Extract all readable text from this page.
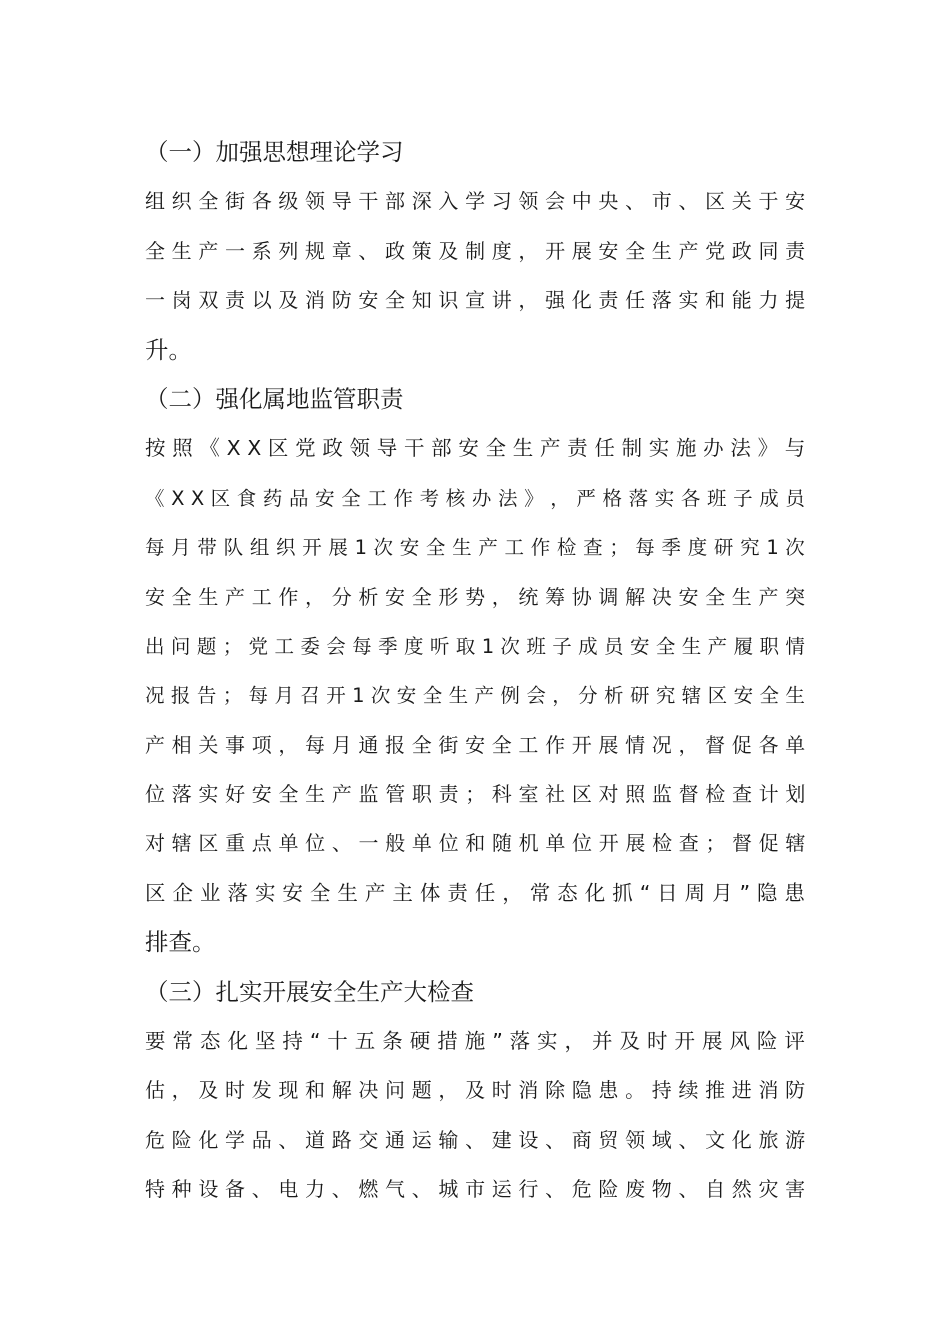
（一）加强思想理论学习
组​ 织​ 全​ 街​ 各​ 级​ 领​ 导​ 干​ 部​ 深​ 入​ 学​ 习​ 领​ 会​ 中​ 央​ 、​ 市​ 、​ 区​ 关​ 于​ 安
全​ 生​ 产​ 一​ 系​ 列​ 规​ 章​ 、​ 政​ 策​ 及​ 制​ 度​ ，​ 开​ 展​ 安​ 全​ 生​ 产​ 党​ 政​ 同​ 责
一​ 岗​ 双​ 责​ 以​ 及​ 消​ 防​ 安​ 全​ 知​ 识​ 宣​ 讲​ ，​ 强​ 化​ 责​ 任​ 落​ 实​ 和​ 能​ 力​ 提
升。
（二）强化属地监管职责
按​ 照​ 《​ X​ X​ 区​ 党​ 政​ 领​ 导​ 干​ 部​ 安​ 全​ 生​ 产​ 责​ 任​ 制​ 实​ 施​ 办​ 法​ 》​ 与
《​ X​ X​ 区​ 食​ 药​ 品​ 安​ 全​ 工​ 作​ 考​ 核​ 办​ 法​ 》​ ，​ 严​ 格​ 落​ 实​ 各​ 班​ 子​ 成​ 员
每​ 月​ 带​ 队​ 组​ 织​ 开​ 展​ 1​ 次​ 安​ 全​ 生​ 产​ 工​ 作​ 检​ 查​ ；​ 每​ 季​ 度​ 研​ 究​ 1​ 次
安​ 全​ 生​ 产​ 工​ 作​ ，​ 分​ 析​ 安​ 全​ 形​ 势​ ，​ 统​ 筹​ 协​ 调​ 解​ 决​ 安​ 全​ 生​ 产​ 突
出​ 问​ 题​ ；​ 党​ 工​ 委​ 会​ 每​ 季​ 度​ 听​ 取​ 1​ 次​ 班​ 子​ 成​ 员​ 安​ 全​ 生​ 产​ 履​ 职​ 情
况​ 报​ 告​ ；​ 每​ 月​ 召​ 开​ 1​ 次​ 安​ 全​ 生​ 产​ 例​ 会​ ，​ 分​ 析​ 研​ 究​ 辖​ 区​ 安​ 全​ 生
产​ 相​ 关​ 事​ 项​ ，​ 每​ 月​ 通​ 报​ 全​ 街​ 安​ 全​ 工​ 作​ 开​ 展​ 情​ 况​ ，​ 督​ 促​ 各​ 单
位​ 落​ 实​ 好​ 安​ 全​ 生​ 产​ 监​ 管​ 职​ 责​ ；​ 科​ 室​ 社​ 区​ 对​ 照​ 监​ 督​ 检​ 查​ 计​ 划
对​ 辖​ 区​ 重​ 点​ 单​ 位​ 、​ 一​ 般​ 单​ 位​ 和​ 随​ 机​ 单​ 位​ 开​ 展​ 检​ 查​ ；​ 督​ 促​ 辖
区​ 企​ 业​ 落​ 实​ 安​ 全​ 生​ 产​ 主​ 体​ 责​ 任​ ，​ 常​ 态​ 化​ 抓​ “​ 日​ 周​ 月​ ”​ 隐​ 患
排查。
（三）扎实开展安全生产大检查
要​ 常​ 态​ 化​ 坚​ 持​ “​ 十​ 五​ 条​ 硬​ 措​ 施​ ”​ 落​ 实​ ，​ 并​ 及​ 时​ 开​ 展​ 风​ 险​ 评
估​ ，​ 及​ 时​ 发​ 现​ 和​ 解​ 决​ 问​ 题​ ，​ 及​ 时​ 消​ 除​ 隐​ 患​ 。​ 持​ 续​ 推​ 进​ 消​ 防
危​ 险​ 化​ 学​ 品​ 、​ 道​ 路​ 交​ 通​ 运​ 输​ 、​ 建​ 设​ 、​ 商​ 贸​ 领​ 域​ 、​ 文​ 化​ 旅​ 游
特​ 种​ 设​ 备​ 、​ 电​ 力​ 、​ 燃​ 气​ 、​ 城​ 市​ 运​ 行​ 、​ 危​ 险​ 废​ 物​ 、​ 自​ 然​ 灾​ 害
